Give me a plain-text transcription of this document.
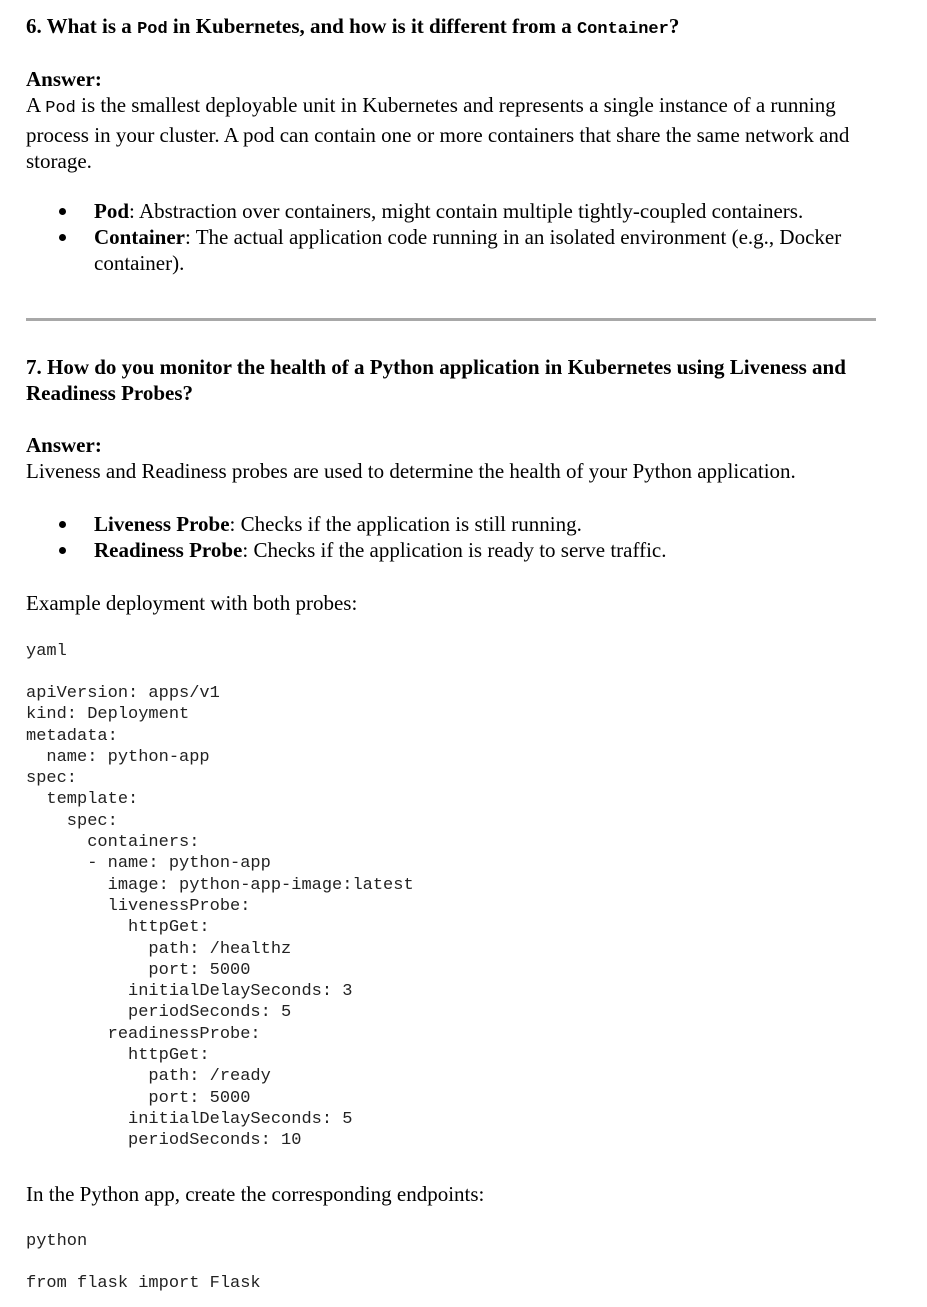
6. What is a Pod in Kubernetes, and how is it different from a Container?

Answer:

A Pod is the smallest deployable unit in Kubernetes and represents a single instance of a running process in your cluster. A pod can contain one or more containers that share the same network and storage.

Pod: Abstraction over containers, might contain multiple tightly-coupled containers.
Container: The actual application code running in an isolated environment (e.g., Docker container).

7. How do you monitor the health of a Python application in Kubernetes using Liveness and Readiness Probes?

Answer:

Liveness and Readiness probes are used to determine the health of your Python application.

Liveness Probe: Checks if the application is still running.
Readiness Probe: Checks if the application is ready to serve traffic.

Example deployment with both probes:

yaml

apiVersion: apps/v1
kind: Deployment
metadata:
name: python-app
spec:
template:
spec:
containers:
- name: python-app
image: python-app-image:latest
livenessProbe:
httpGet:
path: /healthz
port: 5000
initialDelaySeconds: 3
periodSeconds: 5
readinessProbe:
httpGet:
path: /ready
port: 5000
initialDelaySeconds: 5
periodSeconds: 10

In the Python app, create the corresponding endpoints:

python

from flask import Flask
